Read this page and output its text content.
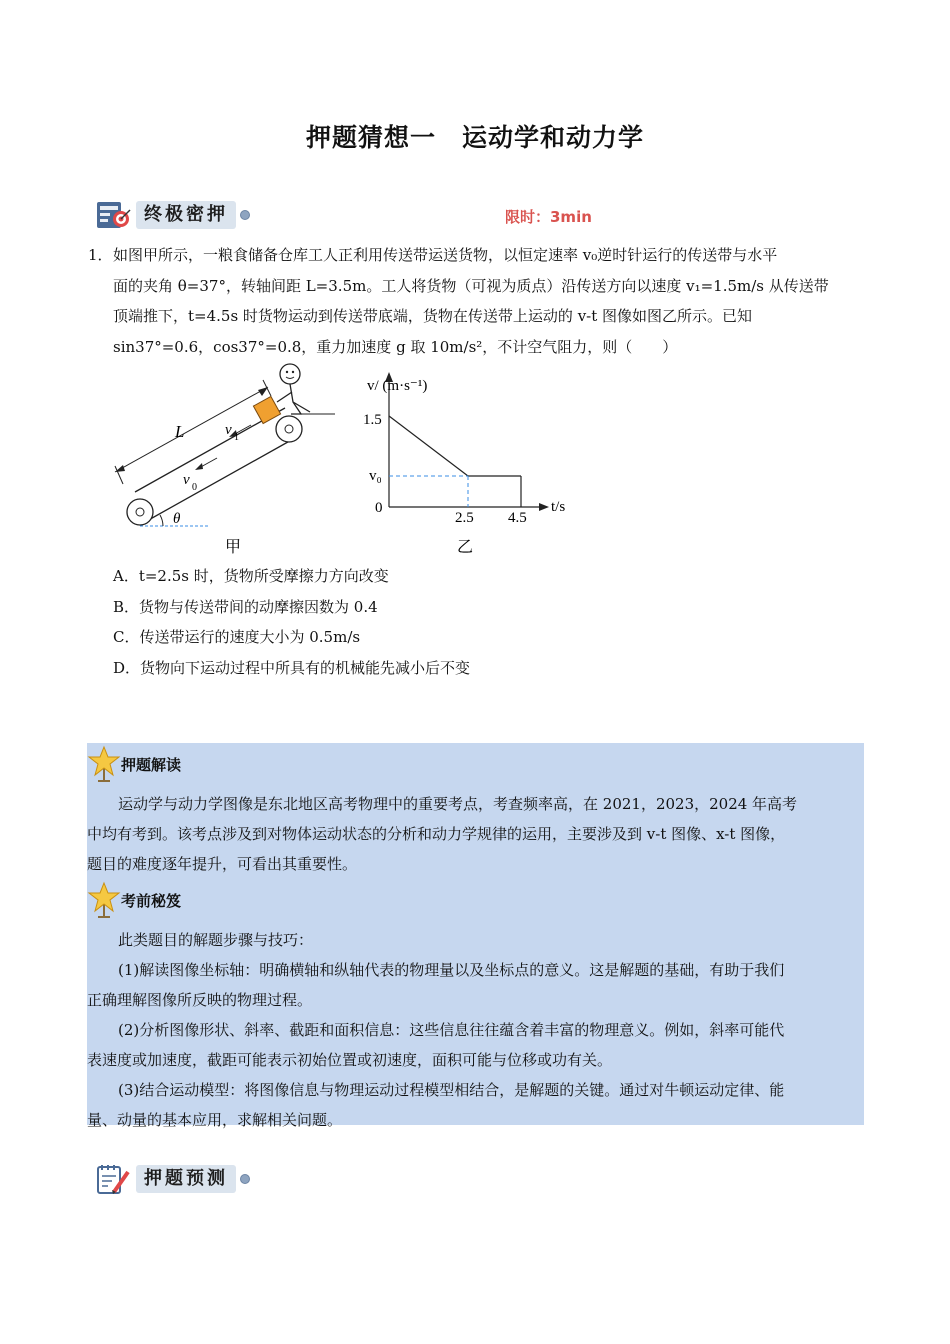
押题猜想一　运动学和动力学
终极密押	限时：3min
1． 如图甲所示，一粮食储备仓库工人正利用传送带运送货物，以恒定速率 v₀逆时针运行的传送带与水平
面的夹角 θ=37°，转轴间距 L=3.5m。工人将货物（可视为质点）沿传送方向以速度 v₁=1.5m/s 从传送带
顶端推下，t=4.5s 时货物运动到传送带底端，货物在传送带上运动的 v-t 图像如图乙所示。已知
sin37°=0.6，cos37°=0.8，重力加速度 g 取 10m/s²，不计空气阻力，则（　　）
L	v 1
v 0
θ
甲
v/ (m·s⁻¹)
t/s
1.5
v₀
0
2.5 4.5
乙
A．t=2.5s 时，货物所受摩擦力方向改变
B．货物与传送带间的动摩擦因数为 0.4
C．传送带运行的速度大小为 0.5m/s
D．货物向下运动过程中所具有的机械能先减小后不变
押题解读

运动学与动力学图像是东北地区高考物理中的重要考点，考查频率高，在 2021，2023，2024 年高考

中均有考到。该考点涉及到对物体运动状态的分析和动力学规律的运用，主要涉及到 v-t 图像、x-t 图像，

题目的难度逐年提升，可看出其重要性。

考前秘笈

此类题目的解题步骤与技巧：

(1)解读图像坐标轴：明确横轴和纵轴代表的物理量以及坐标点的意义。这是解题的基础，有助于我们

正确理解图像所反映的物理过程。

(2)分析图像形状、斜率、截距和面积信息：这些信息往往蕴含着丰富的物理意义。例如，斜率可能代

表速度或加速度，截距可能表示初始位置或初速度，面积可能与位移或功有关。

(3)结合运动模型：将图像信息与物理运动过程模型相结合，是解题的关键。通过对牛顿运动定律、能

量、动量的基本应用，求解相关问题。

押题预测
